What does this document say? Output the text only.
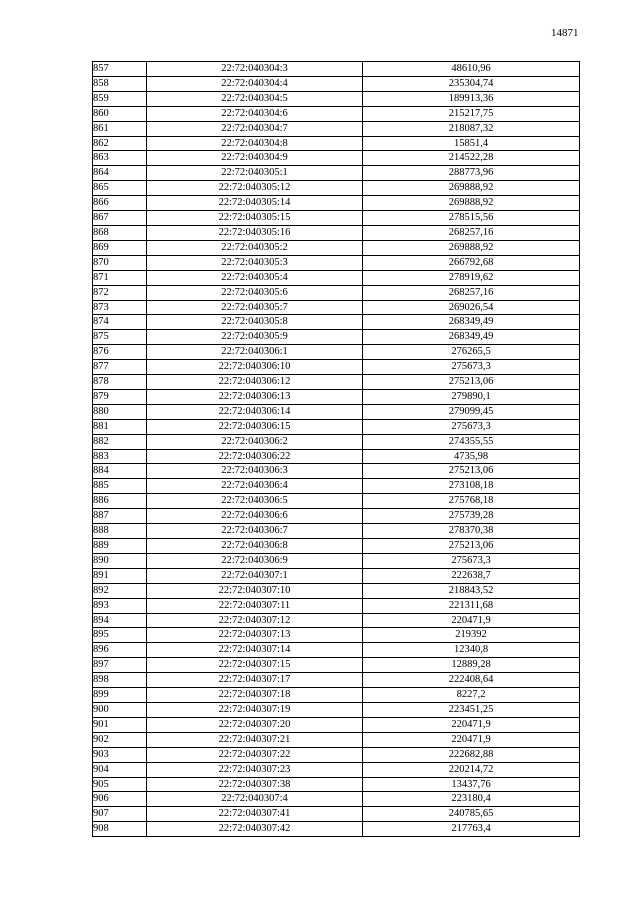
14871
857	22:72:040304:3	48610,96
858	22:72:040304:4	235304,74
859	22:72:040304:5	189913,36
860	22:72:040304:6	215217,75
861	22:72:040304:7	218087,32
862	22:72:040304:8	15851,4
863	22:72:040304:9	214522,28
864	22:72:040305:1	288773,96
865	22:72:040305:12	269888,92
866	22:72:040305:14	269888,92
867	22:72:040305:15	278515,56
868	22:72:040305:16	268257,16
869	22:72:040305:2	269888,92
870	22:72:040305:3	266792,68
871	22:72:040305:4	278919,62
872	22:72:040305:6	268257,16
873	22:72:040305:7	269026,54
874	22:72:040305:8	268349,49
875	22:72:040305:9	268349,49
876	22:72:040306:1	276265,5
877	22:72:040306:10	275673,3
878	22:72:040306:12	275213,06
879	22:72:040306:13	279890,1
880	22:72:040306:14	279099,45
881	22:72:040306:15	275673,3
882	22:72:040306:2	274355,55
883	22:72:040306:22	4735,98
884	22:72:040306:3	275213,06
885	22:72:040306:4	273108,18
886	22:72:040306:5	275768,18
887	22:72:040306:6	275739,28
888	22:72:040306:7	278370,38
889	22:72:040306:8	275213,06
890	22:72:040306:9	275673,3
891	22:72:040307:1	222638,7
892	22:72:040307:10	218843,52
893	22:72:040307:11	221311,68
894	22:72:040307:12	220471,9
895	22:72:040307:13	219392
896	22:72:040307:14	12340,8
897	22:72:040307:15	12889,28
898	22:72:040307:17	222408,64
899	22:72:040307:18	8227,2
900	22:72:040307:19	223451,25
901	22:72:040307:20	220471,9
902	22:72:040307:21	220471,9
903	22:72:040307:22	222682,88
904	22:72:040307:23	220214,72
905	22:72:040307:38	13437,76
906	22:72:040307:4	223180,4
907	22:72:040307:41	240785,65
908	22:72:040307:42	217763,4
